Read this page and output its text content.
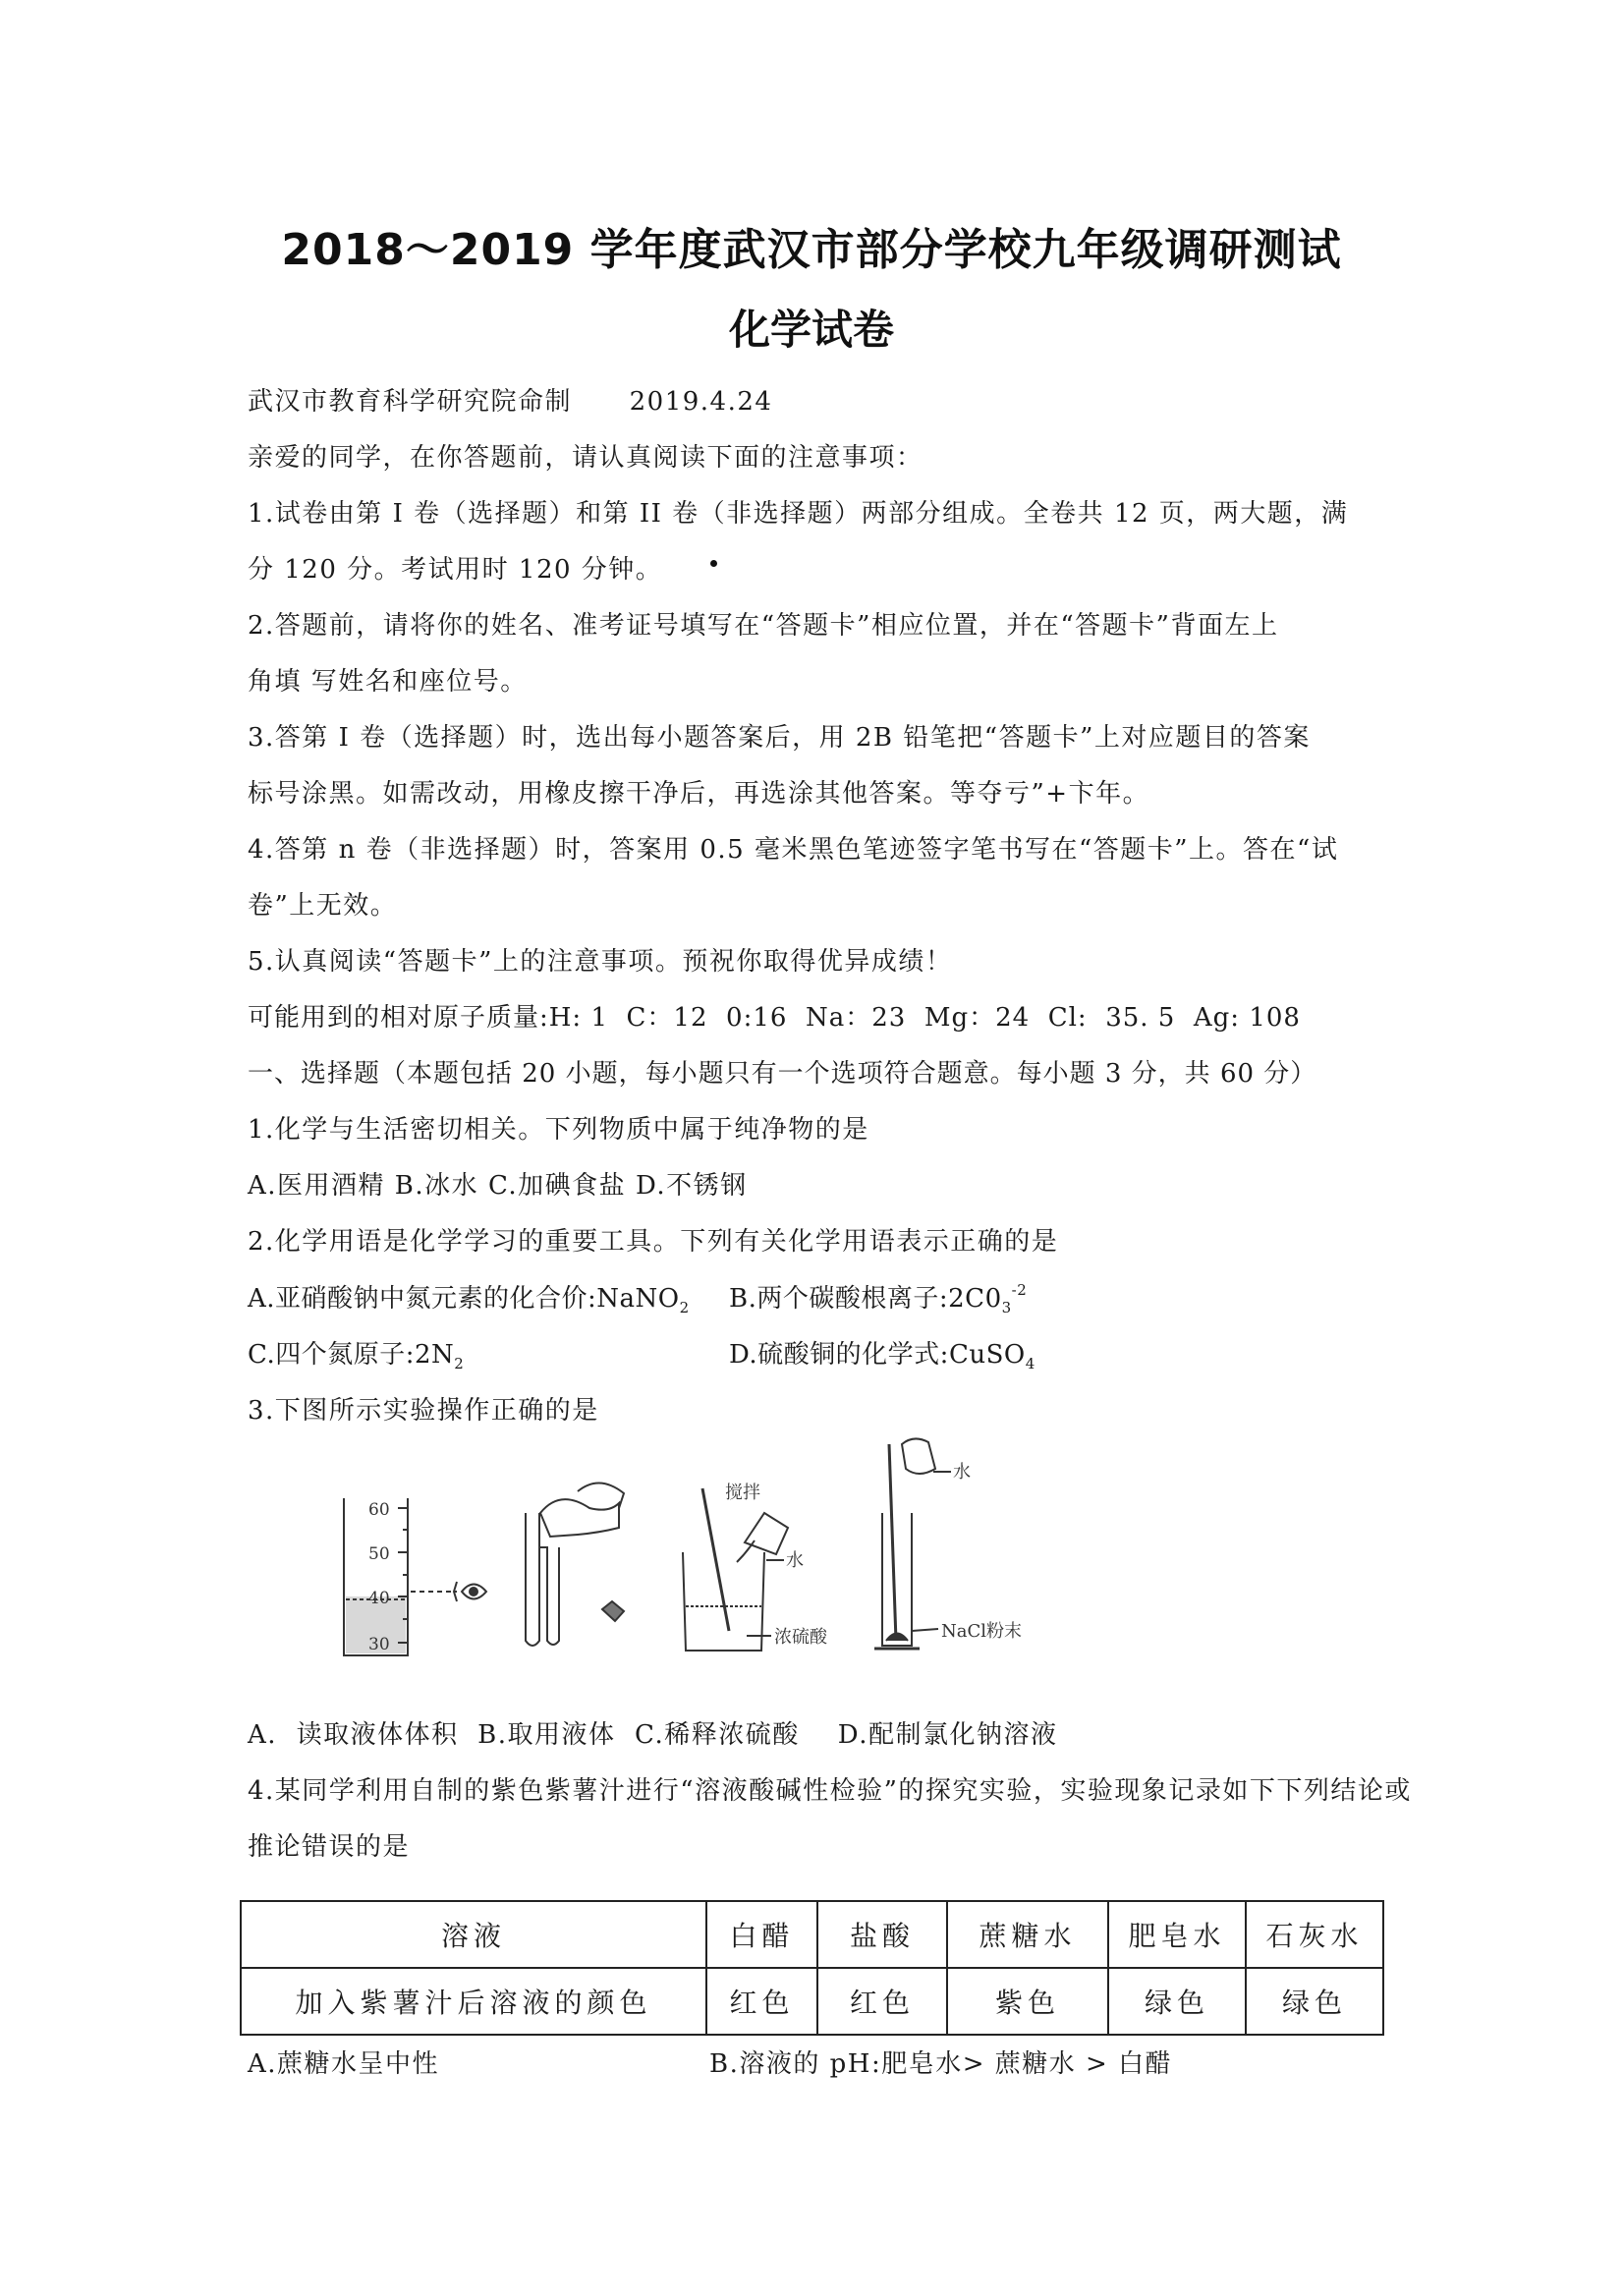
2018～2019 学年度武汉市部分学校九年级调研测试
化学试卷
武汉市教育科学研究院命制 2019.4.24
亲爱的同学，在你答题前，请认真阅读下面的注意事项：
1.试卷由第 I 卷（选择题）和第 II 卷（非选择题）两部分组成。全卷共 12 页，两大题，满
分 120 分。考试用时 120 分钟。
2.答题前，请将你的姓名、准考证号填写在“答题卡”相应位置，并在“答题卡”背面左上
角填 写姓名和座位号。
3.答第 I 卷（选择题）时，选出每小题答案后，用 2B 铅笔把“答题卡”上对应题目的答案
标号涂黑。如需改动，用橡皮擦干净后，再选涂其他答案。等夺亏”+卞年。
4.答第 n 卷（非选择题）时，答案用 0.5 毫米黑色笔迹签字笔书写在“答题卡”上。答在“试
卷”上无效。
5.认真阅读“答题卡”上的注意事项。预祝你取得优异成绩！
可能用到的相对原子质量:H: 1  C：12  0:16  Na：23  Mg：24  Cl:  35. 5  Ag: 108
一、选择题（本题包括 20 小题，每小题只有一个选项符合题意。每小题 3 分，共 60 分）
1.化学与生活密切相关。下列物质中属于纯净物的是
A.医用酒精 B.冰水 C.加碘食盐 D.不锈钢
2.化学用语是化学学习的重要工具。下列有关化学用语表示正确的是
A.亚硝酸钠中氮元素的化合价:NaNO$_2$ B.两个碳酸根离子$:2C0_3^{-2}$
C.四个氮原子$:2N_2$	D.硫酸铜的化学式:CuSO$_4$
3.下图所示实验操作正确的是
60
50
40
30
搅拌
水
浓硫酸
水
NaCl粉末
A.  读取液体体积  B.取用液体  C.稀释浓硫酸    D.配制氯化钠溶液
4.某同学利用自制的紫色紫薯汁进行“溶液酸碱性检验”的探究实验，实验现象记录如下下列结论或
推论错误的是
溶液	白醋	盐酸	蔗糖水	肥皂水	石灰水
加入紫薯汁后溶液的颜色	红色	红色	紫色	绿色	绿色
A.蔗糖水呈中性	B.溶液的 pH:肥皂水> 蔗糖水 > 白醋
